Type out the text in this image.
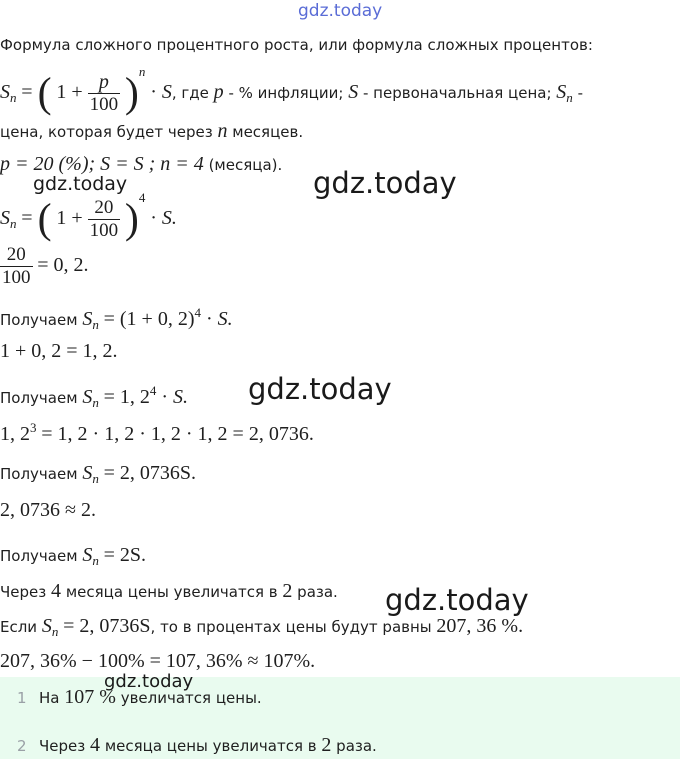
gdz.today
Формула сложного процентного роста, или формула сложных процентов:
$S_n$ = ( $1 + \frac{p}{100} )^n \cdot S$, где p - % инфляции; S - первоначальная цена; $S_n$ -
цена, которая будет через n месяцев.
p = 20 (%); S = S ; n = 4 (месяца).
gdz.today	gdz.today
$S_n$ = ( $1 + \frac{20}{100} )^4 \cdot S$.
$\frac{20}{100} = 0$, 2.
Получаем $S_n = (1 + 0$, 2)$^4$ · S.
1 + 0, 2 = 1, 2.
gdz.today
Получаем $S_n = 1$, $2^4 \cdot S$.
1, $2^3 = 1$, 2 · 1, 2 · 1, 2 · 1, 2 = 2, 0736.
Получаем $S_n = 2$, 0736S.
2, 0736 ≈ 2.
Получаем $S_n = 2S$.
Через 4 месяца цены увеличатся в 2 раза. gdz.today
Если $S_n = 2$, 0736S, то в процентах цены будут равны 207, 36 %.
207, 36% − 100% = 107, 36% ≈ 107%.
1 На 107 % увеличатся цены.
2 Через 4 месяца цены увеличатся в 2 раза.
gdz.today
